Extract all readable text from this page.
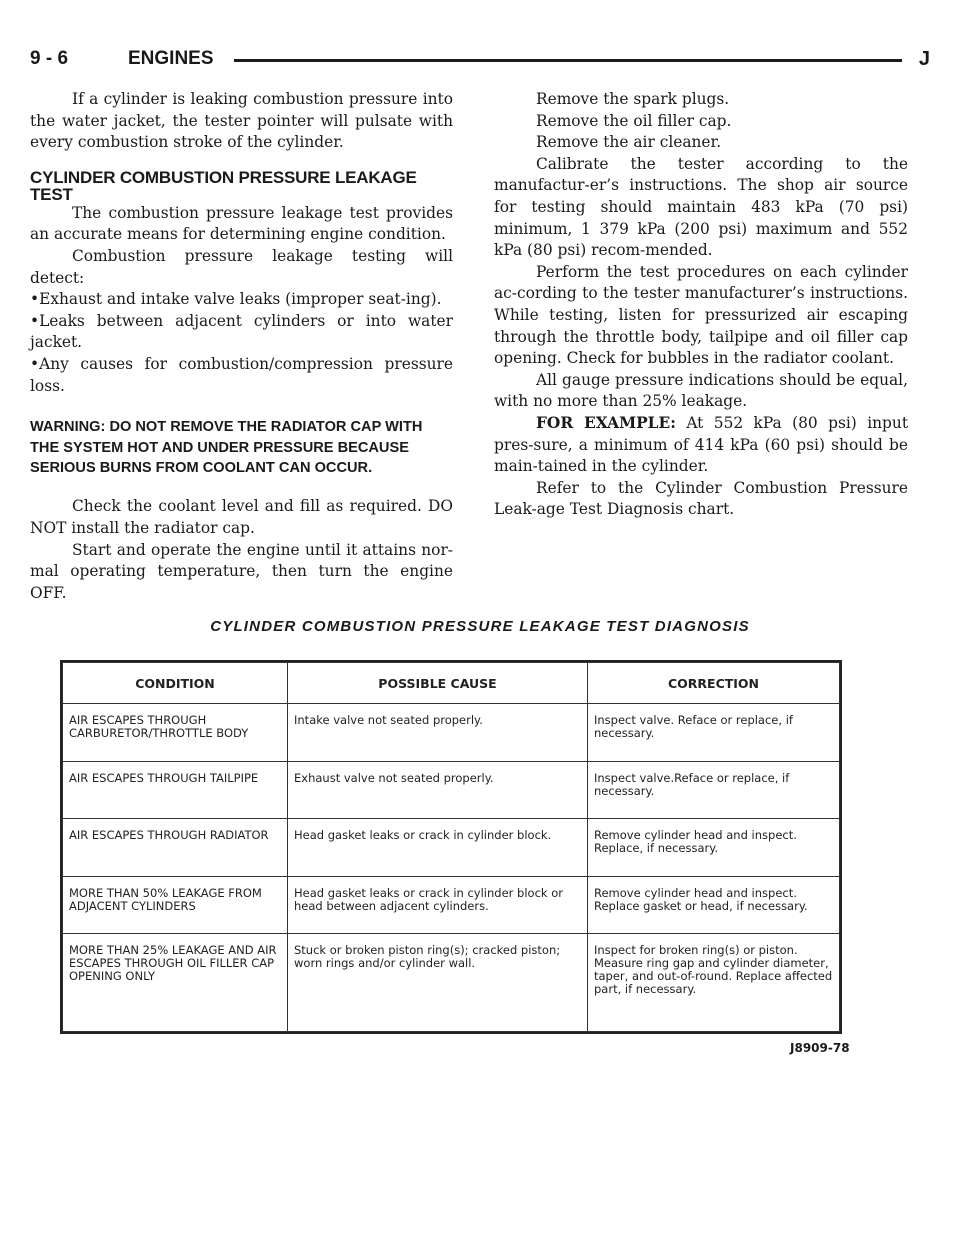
9 - 6	ENGINES	J

If a cylinder is leaking combustion pressure into the water jacket, the tester pointer will pulsate with every combustion stroke of the cylinder.

CYLINDER COMBUSTION PRESSURE LEAKAGE TEST

The combustion pressure leakage test provides an accurate means for determining engine condition.

Combustion pressure leakage testing will detect:

•Exhaust and intake valve leaks (improper seat-ing).

•Leaks between adjacent cylinders or into water jacket.

•Any causes for combustion/compression pressure loss.

WARNING: DO NOT REMOVE THE RADIATOR CAP WITH THE SYSTEM HOT AND UNDER PRESSURE BECAUSE SERIOUS BURNS FROM COOLANT CAN OCCUR.

Check the coolant level and fill as required. DO NOT install the radiator cap.

Start and operate the engine until it attains nor-mal operating temperature, then turn the engine OFF.

Remove the spark plugs.

Remove the oil filler cap.

Remove the air cleaner.

Calibrate the tester according to the manufactur-er’s instructions. The shop air source for testing should maintain 483 kPa (70 psi) minimum, 1 379 kPa (200 psi) maximum and 552 kPa (80 psi) recom-mended.

Perform the test procedures on each cylinder ac-cording to the tester manufacturer’s instructions. While testing, listen for pressurized air escaping through the throttle body, tailpipe and oil filler cap opening. Check for bubbles in the radiator coolant.

All gauge pressure indications should be equal, with no more than 25% leakage.

FOR EXAMPLE: At 552 kPa (80 psi) input pres-sure, a minimum of 414 kPa (60 psi) should be main-tained in the cylinder.

Refer to the Cylinder Combustion Pressure Leak-age Test Diagnosis chart.

CYLINDER COMBUSTION PRESSURE LEAKAGE TEST DIAGNOSIS
CONDITION	POSSIBLE CAUSE	CORRECTION
AIR ESCAPES THROUGH CARBURETOR/THROTTLE BODY	Intake valve not seated properly.	Inspect valve. Reface or replace, if necessary.
AIR ESCAPES THROUGH TAILPIPE	Exhaust valve not seated properly.	Inspect valve.Reface or replace, if necessary.
AIR ESCAPES THROUGH RADIATOR	Head gasket leaks or crack in cylinder block.	Remove cylinder head and inspect. Replace, if necessary.
MORE THAN 50% LEAKAGE FROM ADJACENT CYLINDERS	Head gasket leaks or crack in cylinder block or head between adjacent cylinders.	Remove cylinder head and inspect. Replace gasket or head, if necessary.
MORE THAN 25% LEAKAGE AND AIR ESCAPES THROUGH OIL FILLER CAP OPENING ONLY	Stuck or broken piston ring(s); cracked piston; worn rings and/or cylinder wall.	Inspect for broken ring(s) or piston. Measure ring gap and cylinder diameter, taper, and out-of-round. Replace affected part, if necessary.
J8909-78
